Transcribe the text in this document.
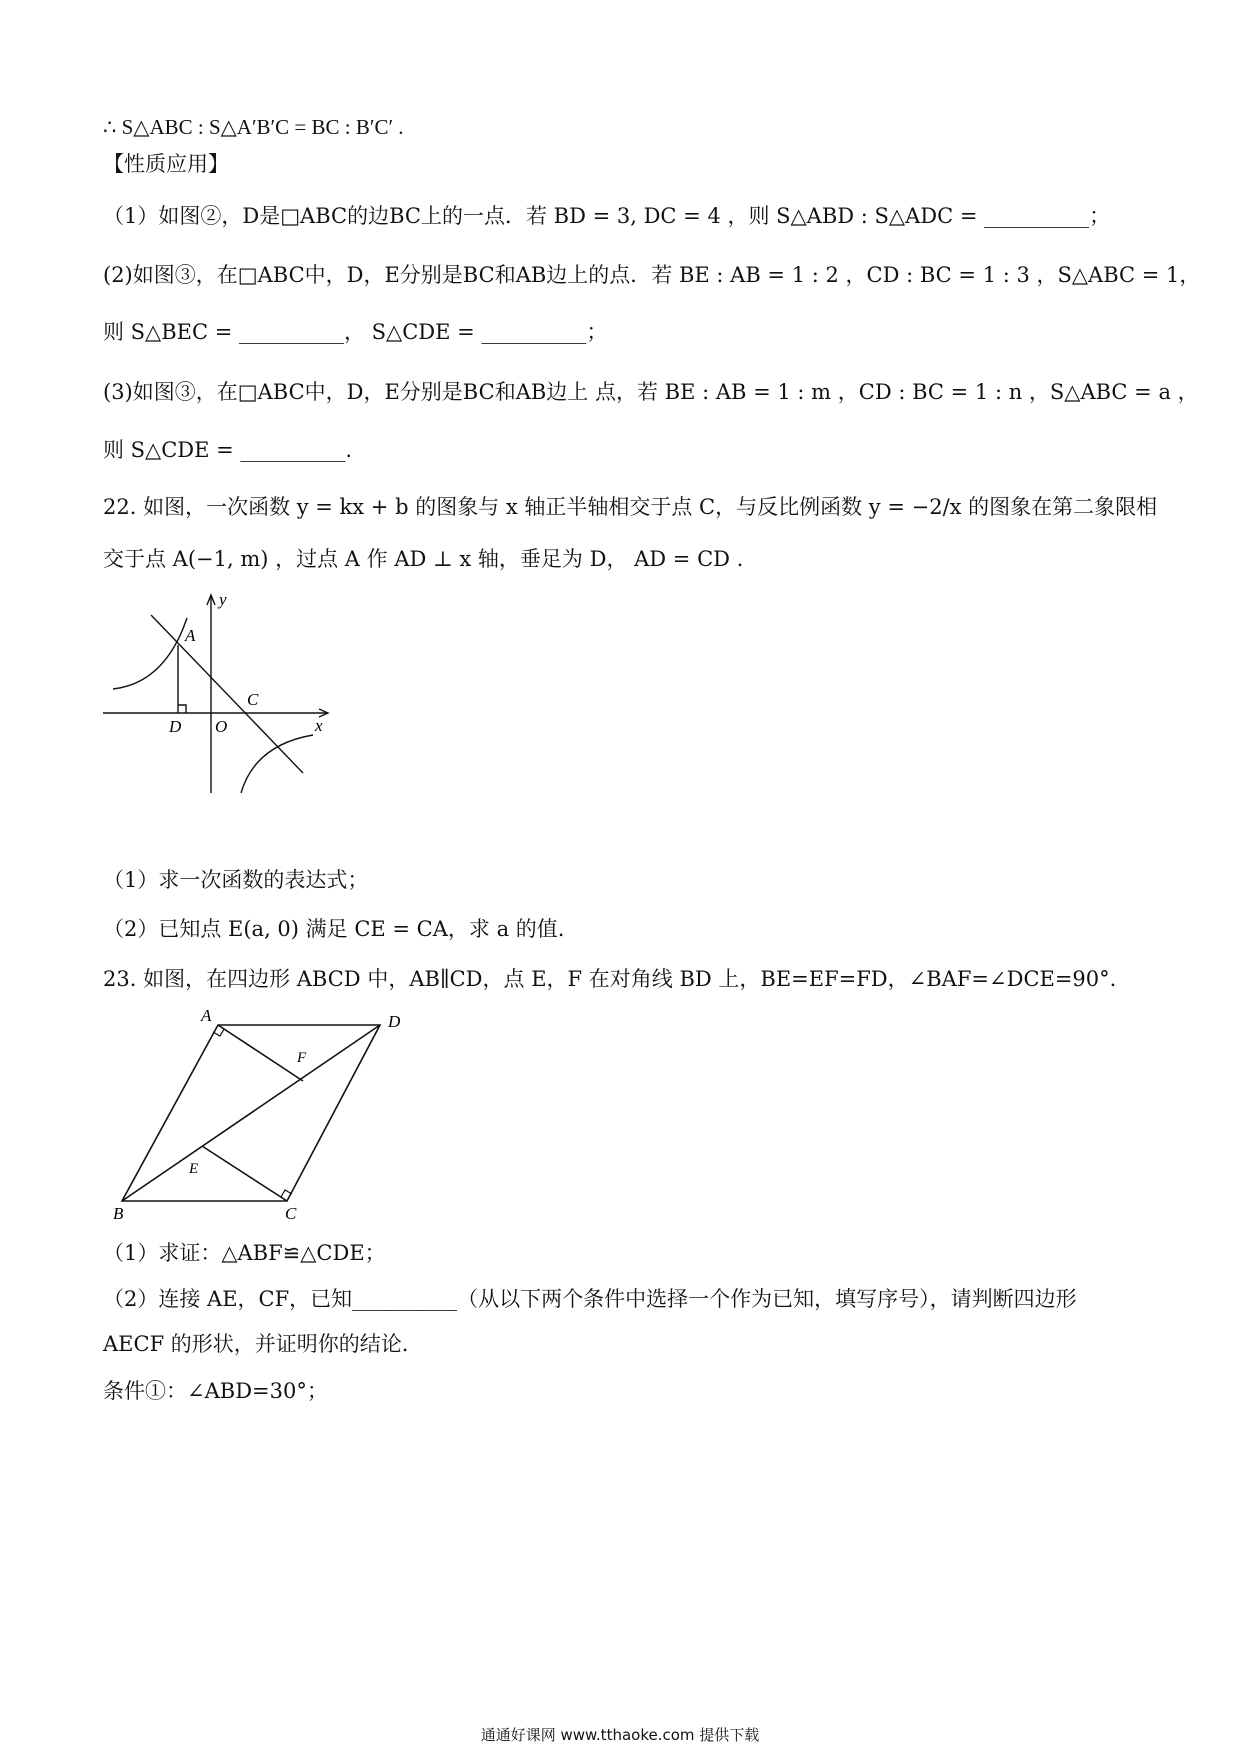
∴ S△ABC : S△A′B′C = BC : B′C′ .
【性质应用】
（1）如图②，D是□ABC的边BC上的一点．若 BD = 3, DC = 4 ，则 S△ABD : S△ADC = __________；
(2)如图③，在□ABC中，D，E分别是BC和AB边上的点．若 BE : AB = 1 : 2 ，CD : BC = 1 : 3 ，S△ABC = 1，
则 S△BEC = __________， S△CDE = __________；
(3)如图③，在□ABC中，D，E分别是BC和AB边上 点，若 BE : AB = 1 : m ，CD : BC = 1 : n ，S△ABC = a ，
则 S△CDE = __________.
22. 如图，一次函数 y = kx + b 的图象与 x 轴正半轴相交于点 C，与反比例函数 y = −2/x 的图象在第二象限相
交于点 A(−1, m) ，过点 A 作 AD ⊥ x 轴，垂足为 D， AD = CD .
（1）求一次函数的表达式；
（2）已知点 E(a, 0) 满足 CE = CA，求 a 的值.
23. 如图，在四边形 ABCD 中，AB∥CD，点 E，F 在对角线 BD 上，BE=EF=FD，∠BAF=∠DCE=90°.
（1）求证：△ABF≌△CDE；
（2）连接 AE，CF，已知__________（从以下两个条件中选择一个作为已知，填写序号），请判断四边形
AECF 的形状，并证明你的结论.
条件①：∠ABD=30°；
y
A
C
D O	x
A	D
F
E
B	C
通通好课网 www.tthaoke.com 提供下载
